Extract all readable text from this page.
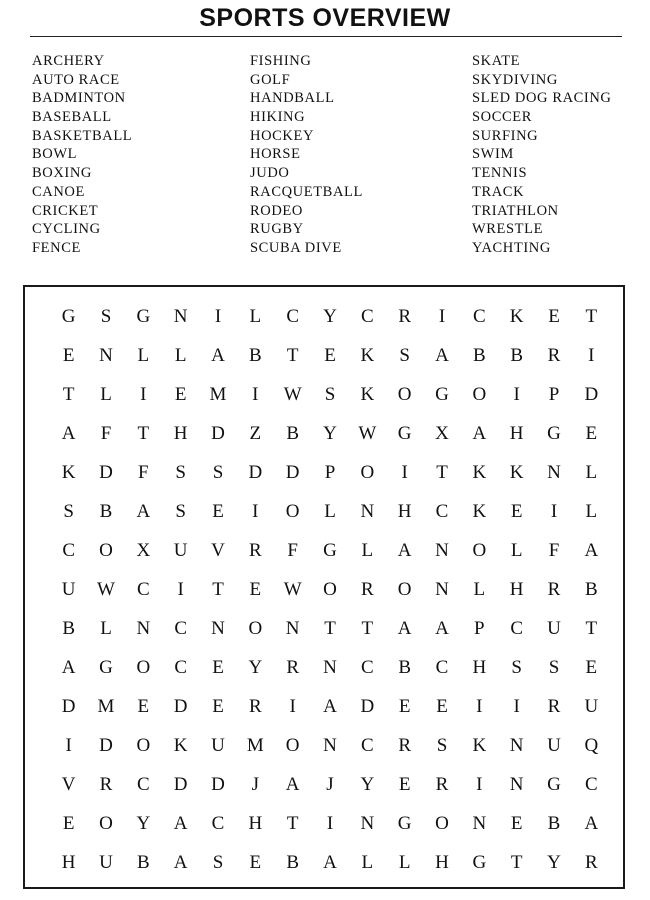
SPORTS OVERVIEW
ARCHERY
AUTO RACE
BADMINTON
BASEBALL
BASKETBALL
BOWL
BOXING
CANOE
CRICKET
CYCLING
FENCE
FISHING
GOLF
HANDBALL
HIKING
HOCKEY
HORSE
JUDO
RACQUETBALL
RODEO
RUGBY
SCUBA DIVE
SKATE
SKYDIVING
SLED DOG RACING
SOCCER
SURFING
SWIM
TENNIS
TRACK
TRIATHLON
WRESTLE
YACHTING
G	S	G	N	I	L	C	Y	C	R	I	C	K	E	T
E	N	L	L	A	B	T	E	K	S	A	B	B	R	I
T	L	I	E	M	I	W	S	K	O	G	O	I	P	D
A	F	T	H	D	Z	B	Y	W	G	X	A	H	G	E
K	D	F	S	S	D	D	P	O	I	T	K	K	N	L
S	B	A	S	E	I	O	L	N	H	C	K	E	I	L
C	O	X	U	V	R	F	G	L	A	N	O	L	F	A
U	W	C	I	T	E	W	O	R	O	N	L	H	R	B
B	L	N	C	N	O	N	T	T	A	A	P	C	U	T
A	G	O	C	E	Y	R	N	C	B	C	H	S	S	E
D	M	E	D	E	R	I	A	D	E	E	I	I	R	U
I	D	O	K	U	M	O	N	C	R	S	K	N	U	Q
V	R	C	D	D	J	A	J	Y	E	R	I	N	G	C
E	O	Y	A	C	H	T	I	N	G	O	N	E	B	A
H	U	B	A	S	E	B	A	L	L	H	G	T	Y	R
